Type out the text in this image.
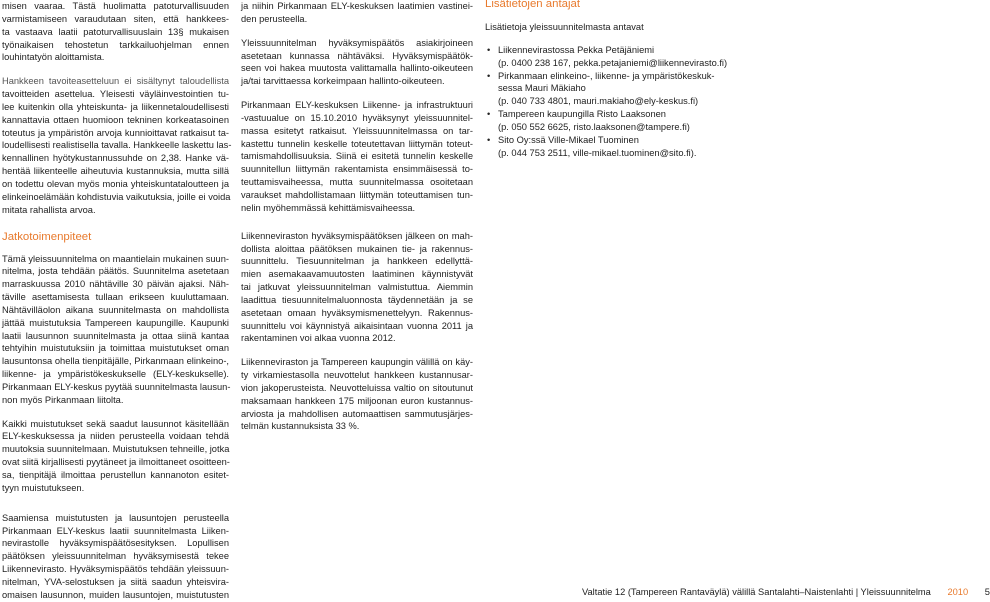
misen vaaraa. Tästä huolimatta patoturvallisuuden
varmistamiseen varaudutaan siten, että hankkees-
ta vastaava laatii patoturvallisuuslain 13§ mukaisen
työnaikaisen tehostetun tarkkailuohjelman ennen
louhintatyön aloittamista.

Hankkeen tavoiteasetteluun ei sisältynyt taloudellista
tavoitteiden asettelua. Yleisesti väyläinvestointien tu-
lee kuitenkin olla yhteiskunta- ja liikennetaloudellisesti
kannattavia ottaen huomioon tekninen korkeatasoinen
toteutus ja ympäristön arvoja kunnioittavat ratkaisut ta-
loudellisesti realistisella tavalla. Hankkeelle laskettu las-
kennallinen hyötykustannussuhde on 2,38. Hanke vä-
hentää liikenteelle aiheutuvia kustannuksia, mutta sillä
on todettu olevan myös monia yhteiskuntataloutteen ja
elinkeinoelämään kohdistuvia vaikutuksia, joille ei voida
mitata rahallista arvoa.

Jatkotoimenpiteet

Tämä yleissuunnitelma on maantielain mukainen suun-
nitelma, josta tehdään päätös. Suunnitelma asetetaan
marraskuussa 2010 nähtäville 30 päivän ajaksi. Näh-
täville asettamisesta tullaan erikseen kuuluttamaan.
Nähtävilläolon aikana suunnitelmasta on mahdollista
jättää muistutuksia Tampereen kaupungille. Kaupunki
laatii lausunnon suunnitelmasta ja ottaa siinä kantaa
tehtyihin muistutuksiin ja toimittaa muistutukset oman
lausuntonsa ohella tienpitäjälle, Pirkanmaan elinkeino-,
liikenne- ja ympäristökeskukselle (ELY-keskukselle).
Pirkanmaan ELY-keskus pyytää suunnitelmasta lausun-
non myös Pirkanmaan liitolta.

Kaikki muistutukset sekä saadut lausunnot käsitellään
ELY-keskuksessa ja niiden perusteella voidaan tehdä
muutoksia suunnitelmaan. Muistutuksen tehneille, jotka
ovat siitä kirjallisesti pyytäneet ja ilmoittaneet osoitteen-
sa, tienpitäjä ilmoittaa perustellun kannanoton esitet-
tyyn muistutukseen.

Saamiensa muistutusten ja lausuntojen perusteella
Pirkanmaan ELY-keskus laatii suunnitelmasta Liiken-
nevirastolle hyväksymispäätösesityksen. Lopullisen
päätöksen yleissuunnitelman hyväksymisestä tekee
Liikennevirasto. Hyväksymispäätös tehdään yleissuun-
nitelman, YVA-selostuksen ja siitä saadun yhteisvira-
omaisen lausunnon, muiden lausuntojen, muistutusten

ja niihin Pirkanmaan ELY-keskuksen laatimien vastinei-
den perusteella.

Yleissuunnitelman hyväksymispäätös asiakirjoineen
asetetaan kunnassa nähtäväksi. Hyväksymispäätök-
seen voi hakea muutosta valittamalla hallinto-oikeuteen
ja/tai tarvittaessa korkeimpaan hallinto-oikeuteen.

Pirkanmaan ELY-keskuksen Liikenne- ja infrastruktuuri
-vastuualue on 15.10.2010 hyväksynyt yleissuunnitel-
massa esitetyt ratkaisut. Yleissuunnitelmassa on tar-
kastettu tunnelin keskelle toteutettavan liittymän toteut-
tamismahdollisuuksia. Siinä ei esitetä tunnelin keskelle
suunnitellun liittymän rakentamista ensimmäisessä to-
teuttamisvaiheessa, mutta suunnitelmassa osoitetaan
varaukset mahdollistamaan liittymän toteuttamisen tun-
nelin myöhemmässä kehittämisvaiheessa.

Liikenneviraston hyväksymispäätöksen jälkeen on mah-
dollista aloittaa päätöksen mukainen tie- ja rakennus-
suunnittelu. Tiesuunnitelman ja hankkeen edellyttä-
mien asemakaavamuutosten laatiminen käynnistyvät
tai jatkuvat yleissuunnitelman valmistuttua. Aiemmin
laadittua tiesuunnitelmaluonnosta täydennetään ja se
asetetaan omaan hyväksymismenettelyyn. Rakennus-
suunnittelu voi käynnistyä aikaisintaan vuonna 2011 ja
rakentaminen voi alkaa vuonna 2012.

Liikenneviraston ja Tampereen kaupungin välillä on käy-
ty virkamiestasolla neuvottelut hankkeen kustannusar-
vion jakoperusteista. Neuvotteluissa valtio on sitoutunut
maksamaan hankkeen 175 miljoonan euron kustannus-
arviosta ja mahdollisen automaattisen sammutusjärjes-
telmän kustannuksista 33 %.

Lisätietojen antajat
Lisätietoja yleissuunnitelmasta antavat
• Liikennevirastossa Pekka Petäjäniemi
(p. 0400 238 167, pekka.petajaniemi@liikennevirasto.fi)
• Pirkanmaan elinkeino-, liikenne- ja ympäristökeskuk-
sessa Mauri Mäkiaho
(p. 040 733 4801, mauri.makiaho@ely-keskus.fi)
• Tampereen kaupungilla Risto Laaksonen
(p. 050 552 6625, risto.laaksonen@tampere.fi)
• Sito Oy:ssä Ville-Mikael Tuominen
(p. 044 753 2511, ville-mikael.tuominen@sito.fi).
Valtatie 12 (Tampereen Rantaväylä) välillä Santalahti–Naistenlahti | Yleissuunnitelma 2010 5
